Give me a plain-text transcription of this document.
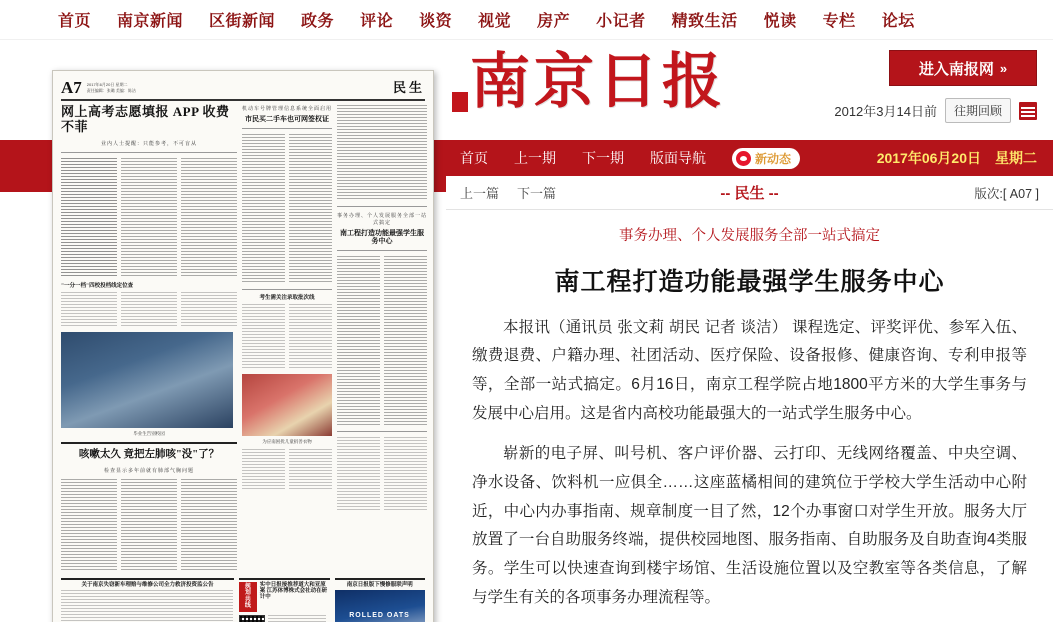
首页 南京新闻 区街新闻 政务 评论 谈资 视觉 房产 小记者 精致生活 悦读 专栏 论坛
A7 2017年6月20日 星期二
责任编辑：张璐 美编：陈洁	民生
网上高考志愿填报 APP 收费不菲
业内人士提醒：只能参考，不可盲从
"一分一档"四校投档线定位查
毕业生告别校园
咳嗽太久 竟把左肺咳"没"了？
检查显示多年前就有肺部气胸问题
机动车号牌管理信息系统全面启用
市民买二手车也可网签权证
考生需关注录取批次线
为应南困扰儿童捐善衣物
事务办理、个人发展服务全部一站式搞定
南工程打造功能最强学生服务中心
关于南京失窃新车理赔与维修公司全力救济投资监公告	规划共线
实中日报接推荐道大和亚原案 江苏体博株式会社动在研计中
南京日报版下慢修服联声明
ROLLED OATS
南京日报	进入南报网 »
2012年3月14日前	往期回顾
首页 上一期 下一期 版面导航	新动态	2017年06月20日　星期二
上一篇 下一篇	-- 民生 --	版次:[ A07 ]
事务办理、个人发展服务全部一站式搞定
南工程打造功能最强学生服务中心

本报讯（通讯员 张文莉 胡民 记者 谈洁） 课程选定、评奖评优、参军入伍、缴费退费、户籍办理、社团活动、医疗保险、设备报修、健康咨询、专利申报等等，全部一站式搞定。6月16日，南京工程学院占地1800平方米的大学生事务与发展中心启用。这是省内高校功能最强大的一站式学生服务中心。

崭新的电子屏、叫号机、客户评价器、云打印、无线网络覆盖、中央空调、净水设备、饮料机一应俱全……这座蓝橘相间的建筑位于学校大学生活动中心附近，中心内办事指南、规章制度一目了然，12个办事窗口对学生开放。服务大厅放置了一台自助服务终端，提供校园地图、服务指南、自助服务及自助查询4类服务。学生可以快速查询到楼宇场馆、生活设施位置以及空教室等各类信息，了解与学生有关的各项事务办理流程等。
